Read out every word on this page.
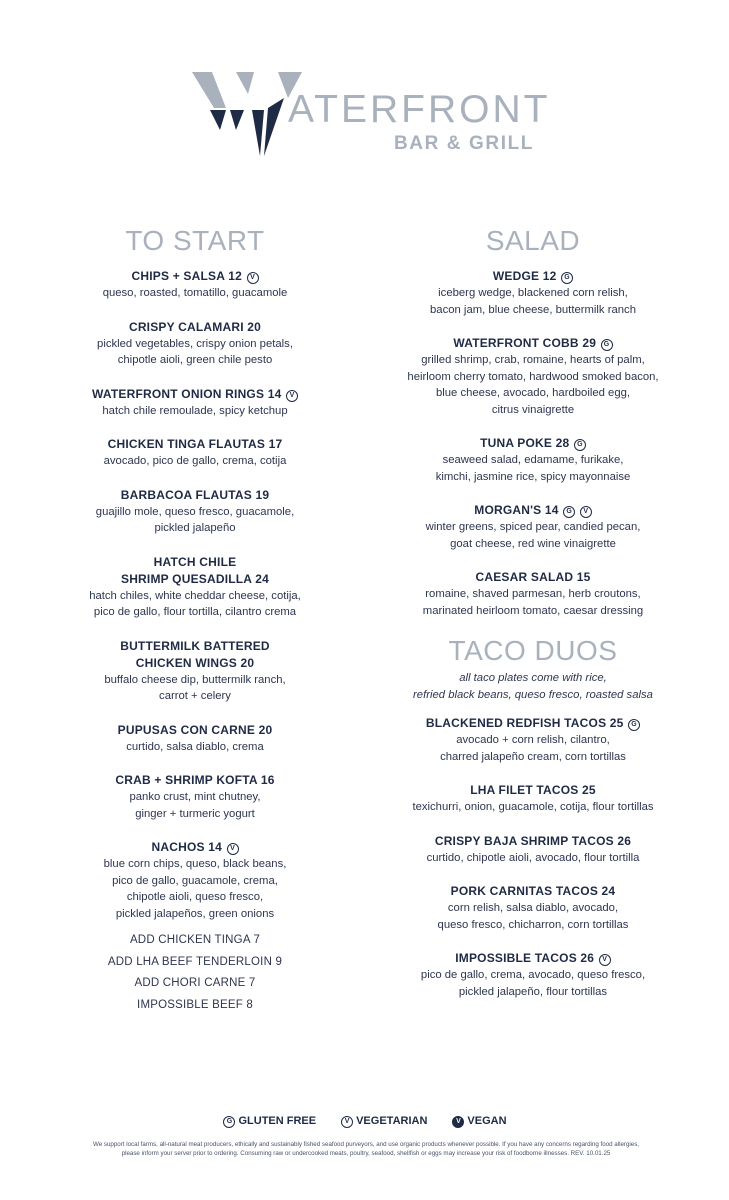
ATERFRONT
BAR & GRILL
TO START
CHIPS + SALSA 12 V
queso, roasted, tomatillo, guacamole
CRISPY CALAMARI 20
pickled vegetables, crispy onion petals,
chipotle aioli, green chile pesto
WATERFRONT ONION RINGS 14 V
hatch chile remoulade, spicy ketchup
CHICKEN TINGA FLAUTAS 17
avocado, pico de gallo, crema, cotija
BARBACOA FLAUTAS 19
guajillo mole, queso fresco, guacamole,
pickled jalapeño
HATCH CHILE
SHRIMP QUESADILLA 24
hatch chiles, white cheddar cheese, cotija,
pico de gallo, flour tortilla, cilantro crema
BUTTERMILK BATTERED
CHICKEN WINGS 20
buffalo cheese dip, buttermilk ranch,
carrot + celery
PUPUSAS CON CARNE 20
curtido, salsa diablo, crema
CRAB + SHRIMP KOFTA 16
panko crust, mint chutney,
ginger + turmeric yogurt
NACHOS 14 V
blue corn chips, queso, black beans,
pico de gallo, guacamole, crema,
chipotle aioli, queso fresco,
pickled jalapeños, green onions
ADD CHICKEN TINGA 7
ADD LHA BEEF TENDERLOIN 9
ADD CHORI CARNE 7
IMPOSSIBLE BEEF 8
SALAD
WEDGE 12 G
iceberg wedge, blackened corn relish,
bacon jam, blue cheese, buttermilk ranch
WATERFRONT COBB 29 G
grilled shrimp, crab, romaine, hearts of palm,
heirloom cherry tomato, hardwood smoked bacon,
blue cheese, avocado, hardboiled egg,
citrus vinaigrette
TUNA POKE 28 G
seaweed salad, edamame, furikake,
kimchi, jasmine rice, spicy mayonnaise
MORGAN'S 14 G V
winter greens, spiced pear, candied pecan,
goat cheese, red wine vinaigrette
CAESAR SALAD 15
romaine, shaved parmesan, herb croutons,
marinated heirloom tomato, caesar dressing
TACO DUOS
all taco plates come with rice,
refried black beans, queso fresco, roasted salsa
BLACKENED REDFISH TACOS 25 G
avocado + corn relish, cilantro,
charred jalapeño cream, corn tortillas
LHA FILET TACOS 25
texichurri, onion, guacamole, cotija, flour tortillas
CRISPY BAJA SHRIMP TACOS 26
curtido, chipotle aioli, avocado, flour tortilla
PORK CARNITAS TACOS 24
corn relish, salsa diablo, avocado,
queso fresco, chicharron, corn tortillas
IMPOSSIBLE TACOS 26 V
pico de gallo, crema, avocado, queso fresco,
pickled jalapeño, flour tortillas
G GLUTEN FREE	V VEGETARIAN	V VEGAN
We support local farms, all-natural meat producers, ethically and sustainably fished seafood purveyors, and use organic products whenever possible. If you have any concerns regarding food allergies,
please inform your server prior to ordering. Consuming raw or undercooked meats, poultry, seafood, shellfish or eggs may increase your risk of foodborne illnesses. REV. 10.01.25
